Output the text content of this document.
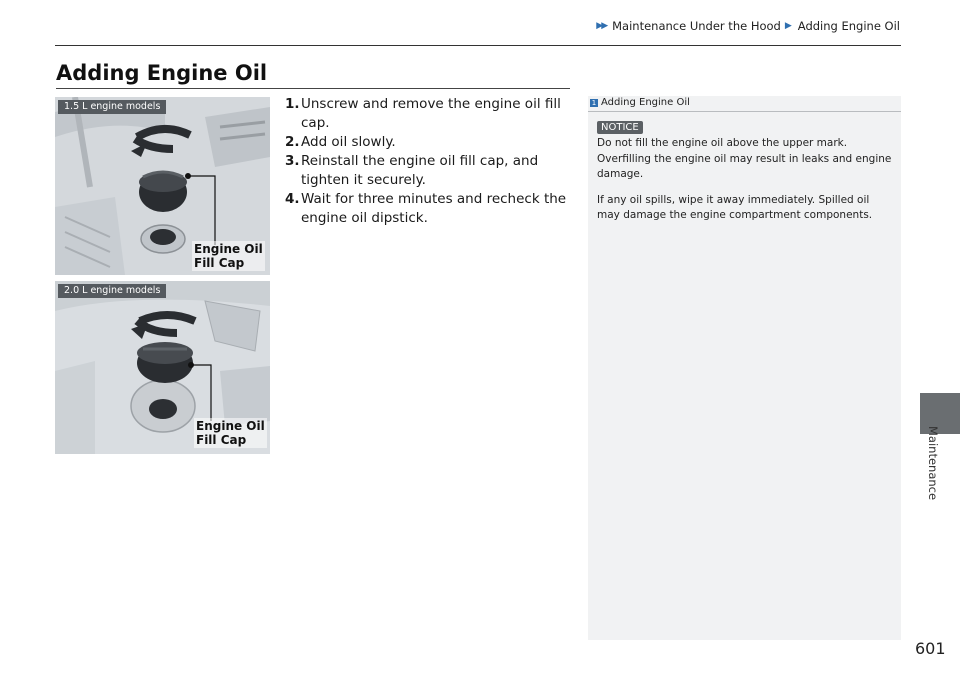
▶▶ Maintenance Under the Hood ▶ Adding Engine Oil
Adding Engine Oil
1.5 L engine models
Engine Oil
Fill Cap
2.0 L engine models
Engine Oil
Fill Cap
1. Unscrew and remove the engine oil fill cap.
2. Add oil slowly.
3. Reinstall the engine oil fill cap, and tighten it securely.
4. Wait for three minutes and recheck the engine oil dipstick.
1 Adding Engine Oil
NOTICE

Do not fill the engine oil above the upper mark. Overfilling the engine oil may result in leaks and engine damage.

If any oil spills, wipe it away immediately. Spilled oil may damage the engine compartment components.

Maintenance
601
